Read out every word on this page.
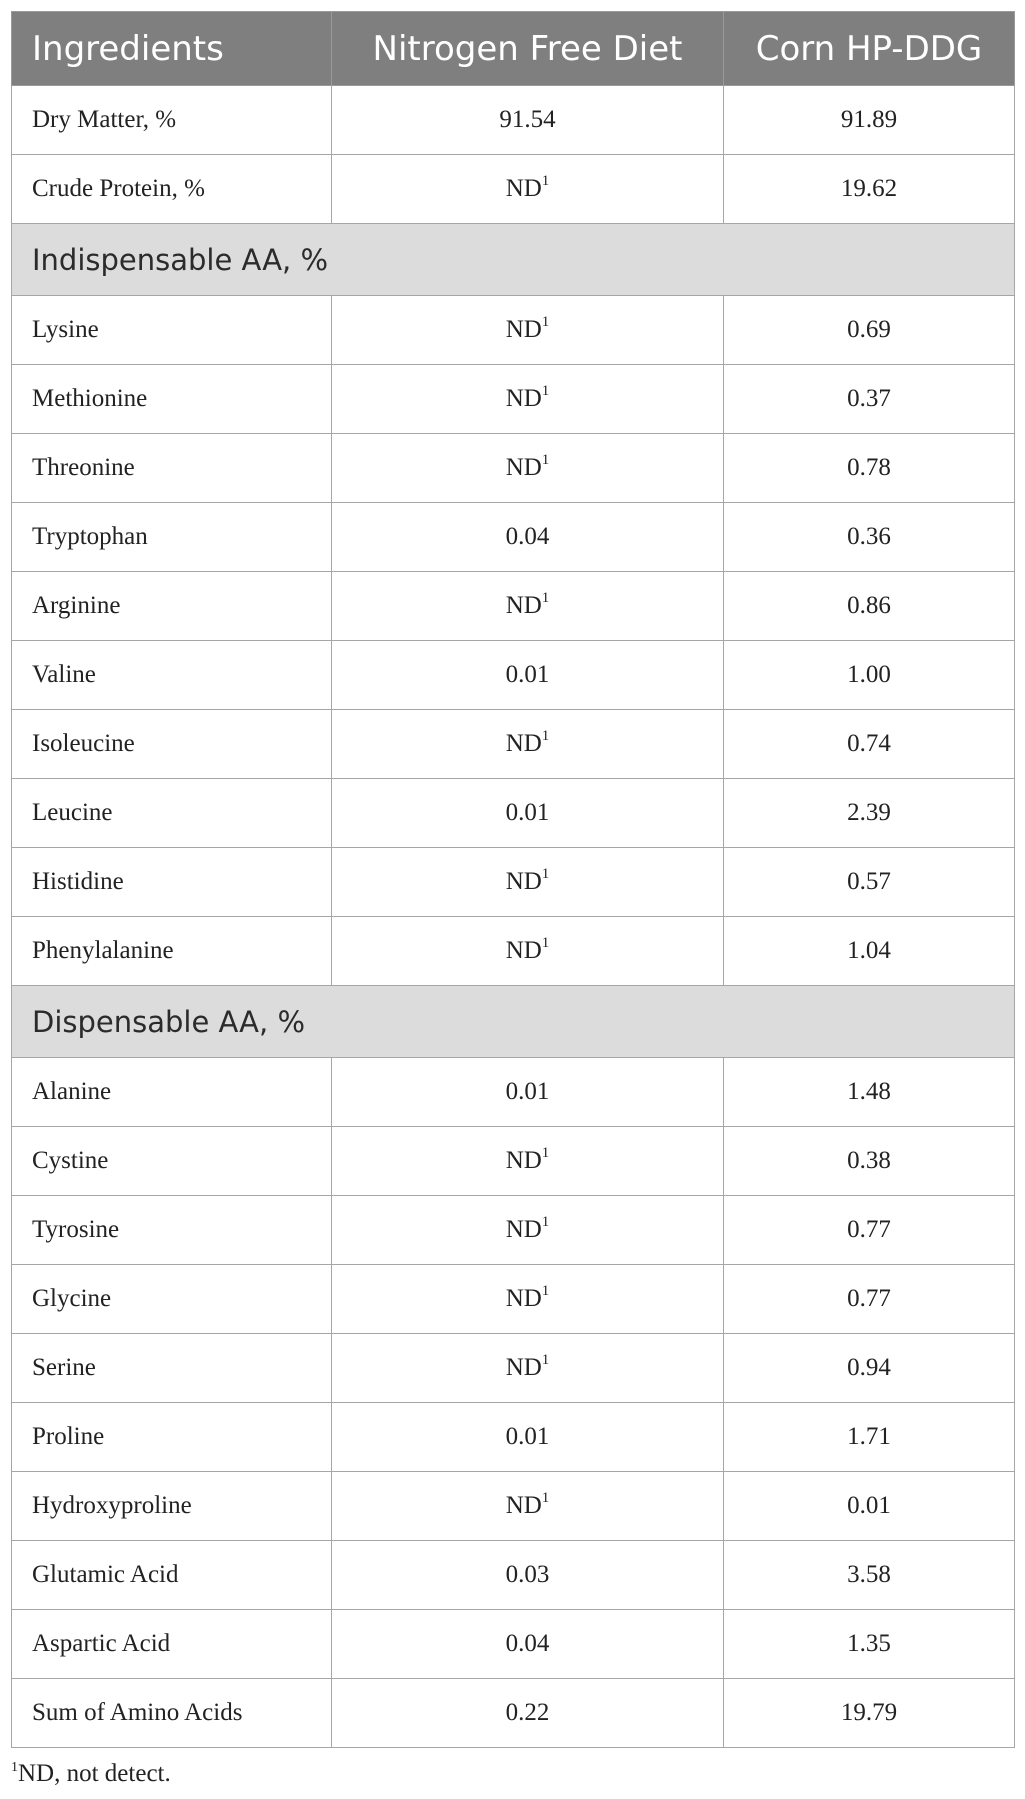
Ingredients	Nitrogen Free Diet	Corn HP-DDG
Dry Matter, %	91.54	91.89
Crude Protein, %	$ND^1$	19.62
Indispensable AA, %		
Lysine	$ND^1$	0.69
Methionine	$ND^1$	0.37
Threonine	$ND^1$	0.78
Tryptophan	0.04	0.36
Arginine	$ND^1$	0.86
Valine	0.01	1.00
Isoleucine	$ND^1$	0.74
Leucine	0.01	2.39
Histidine	$ND^1$	0.57
Phenylalanine	$ND^1$	1.04
Dispensable AA, %		
Alanine	0.01	1.48
Cystine	$ND^1$	0.38
Tyrosine	$ND^1$	0.77
Glycine	$ND^1$	0.77
Serine	$ND^1$	0.94
Proline	0.01	1.71
Hydroxyproline	$ND^1$	0.01
Glutamic Acid	0.03	3.58
Aspartic Acid	0.04	1.35
Sum of Amino Acids	0.22	19.79
$^1$ND, not detect.
